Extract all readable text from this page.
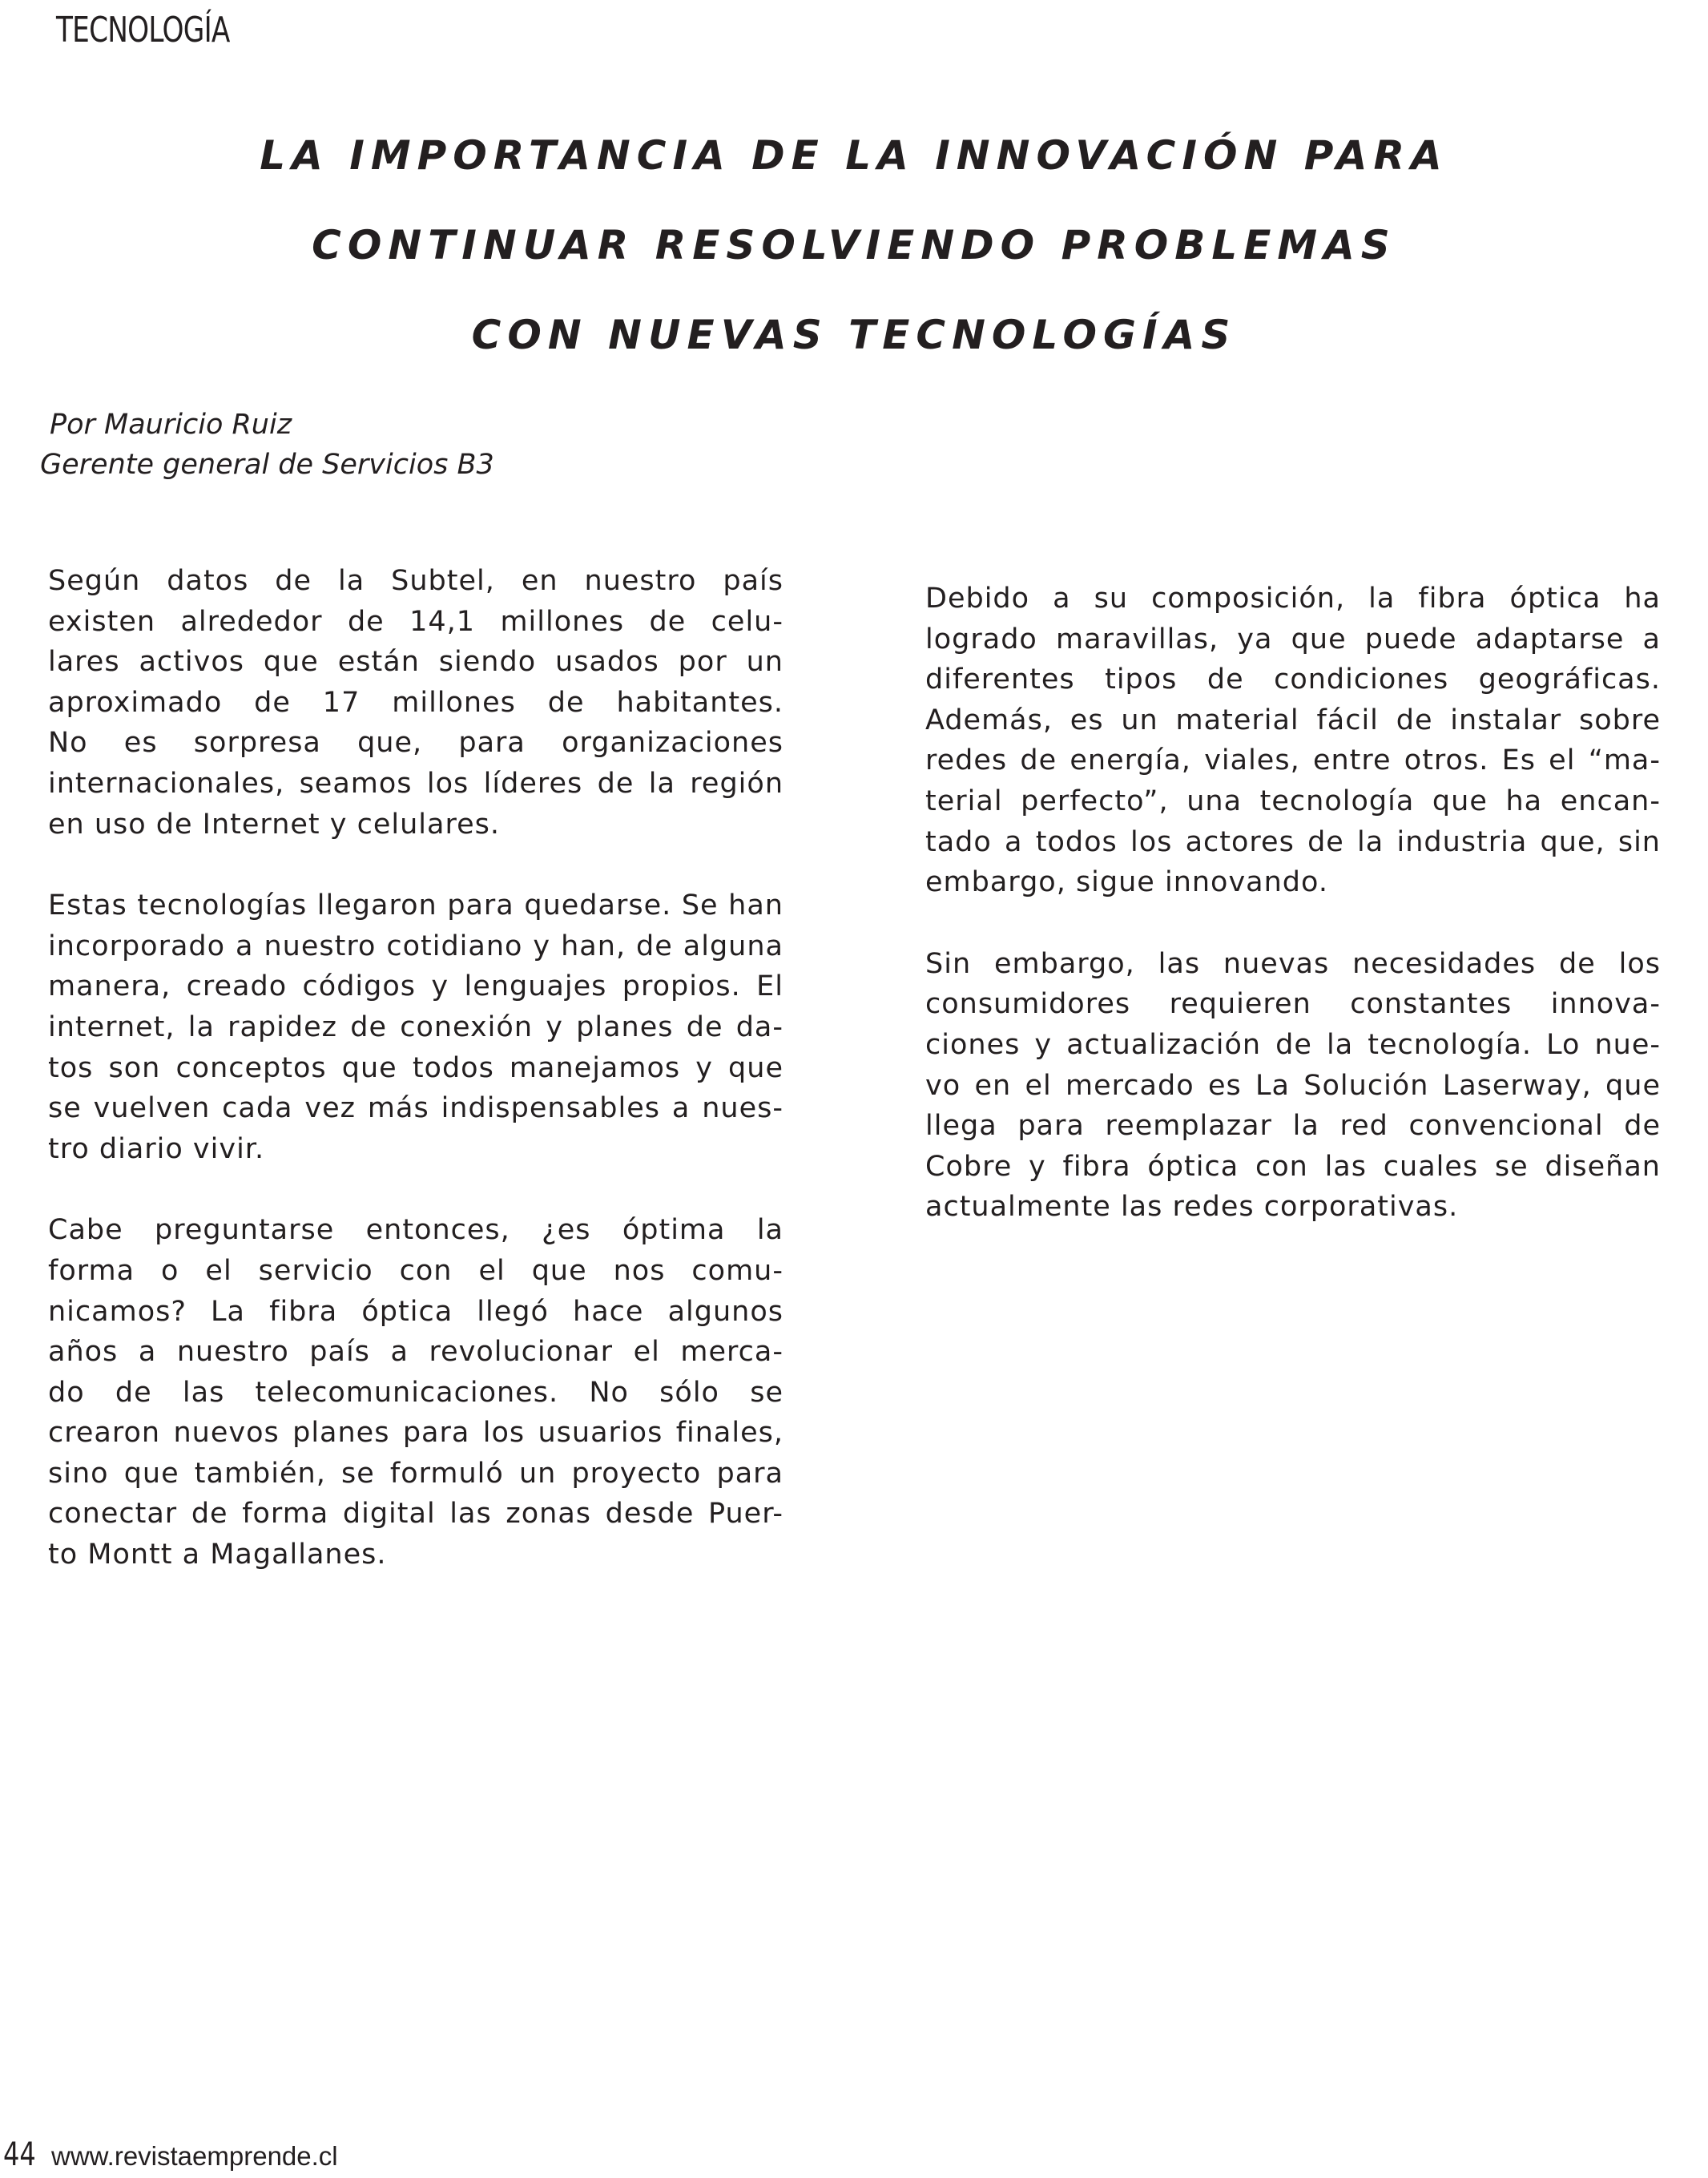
TECNOLOGÍA
LA IMPORTANCIA DE LA INNOVACIÓN PARA
CONTINUAR RESOLVIENDO PROBLEMAS
CON NUEVAS TECNOLOGÍAS
Por Mauricio Ruiz
Gerente general de Servicios B3

Según datos de la Subtel, en nuestro país
existen alrededor de 14,1 millones de celu-
lares activos que están siendo usados por un
aproximado de 17 millones de habitantes.
No es sorpresa que, para organizaciones
internacionales, seamos los líderes de la región
en uso de Internet y celulares.

Estas tecnologías llegaron para quedarse. Se han
incorporado a nuestro cotidiano y han, de alguna
manera, creado códigos y lenguajes propios. El
internet, la rapidez de conexión y planes de da-
tos son conceptos que todos manejamos y que
se vuelven cada vez más indispensables a nues-
tro diario vivir.

Cabe preguntarse entonces, ¿es óptima la
forma o el servicio con el que nos comu-
nicamos? La fibra óptica llegó hace algunos
años a nuestro país a revolucionar el merca-
do de las telecomunicaciones. No sólo se
crearon nuevos planes para los usuarios finales,
sino que también, se formuló un proyecto para
conectar de forma digital las zonas desde Puer-
to Montt a Magallanes.

Debido a su composición, la fibra óptica ha
logrado maravillas, ya que puede adaptarse a
diferentes tipos de condiciones geográficas.
Además, es un material fácil de instalar sobre
redes de energía, viales, entre otros. Es el “ma-
terial perfecto”, una tecnología que ha encan-
tado a todos los actores de la industria que, sin
embargo, sigue innovando.

Sin embargo, las nuevas necesidades de los
consumidores requieren constantes innova-
ciones y actualización de la tecnología. Lo nue-
vo en el mercado es La Solución Laserway, que
llega para reemplazar la red convencional de
Cobre y fibra óptica con las cuales se diseñan
actualmente las redes corporativas.

44 www.revistaemprende.cl
